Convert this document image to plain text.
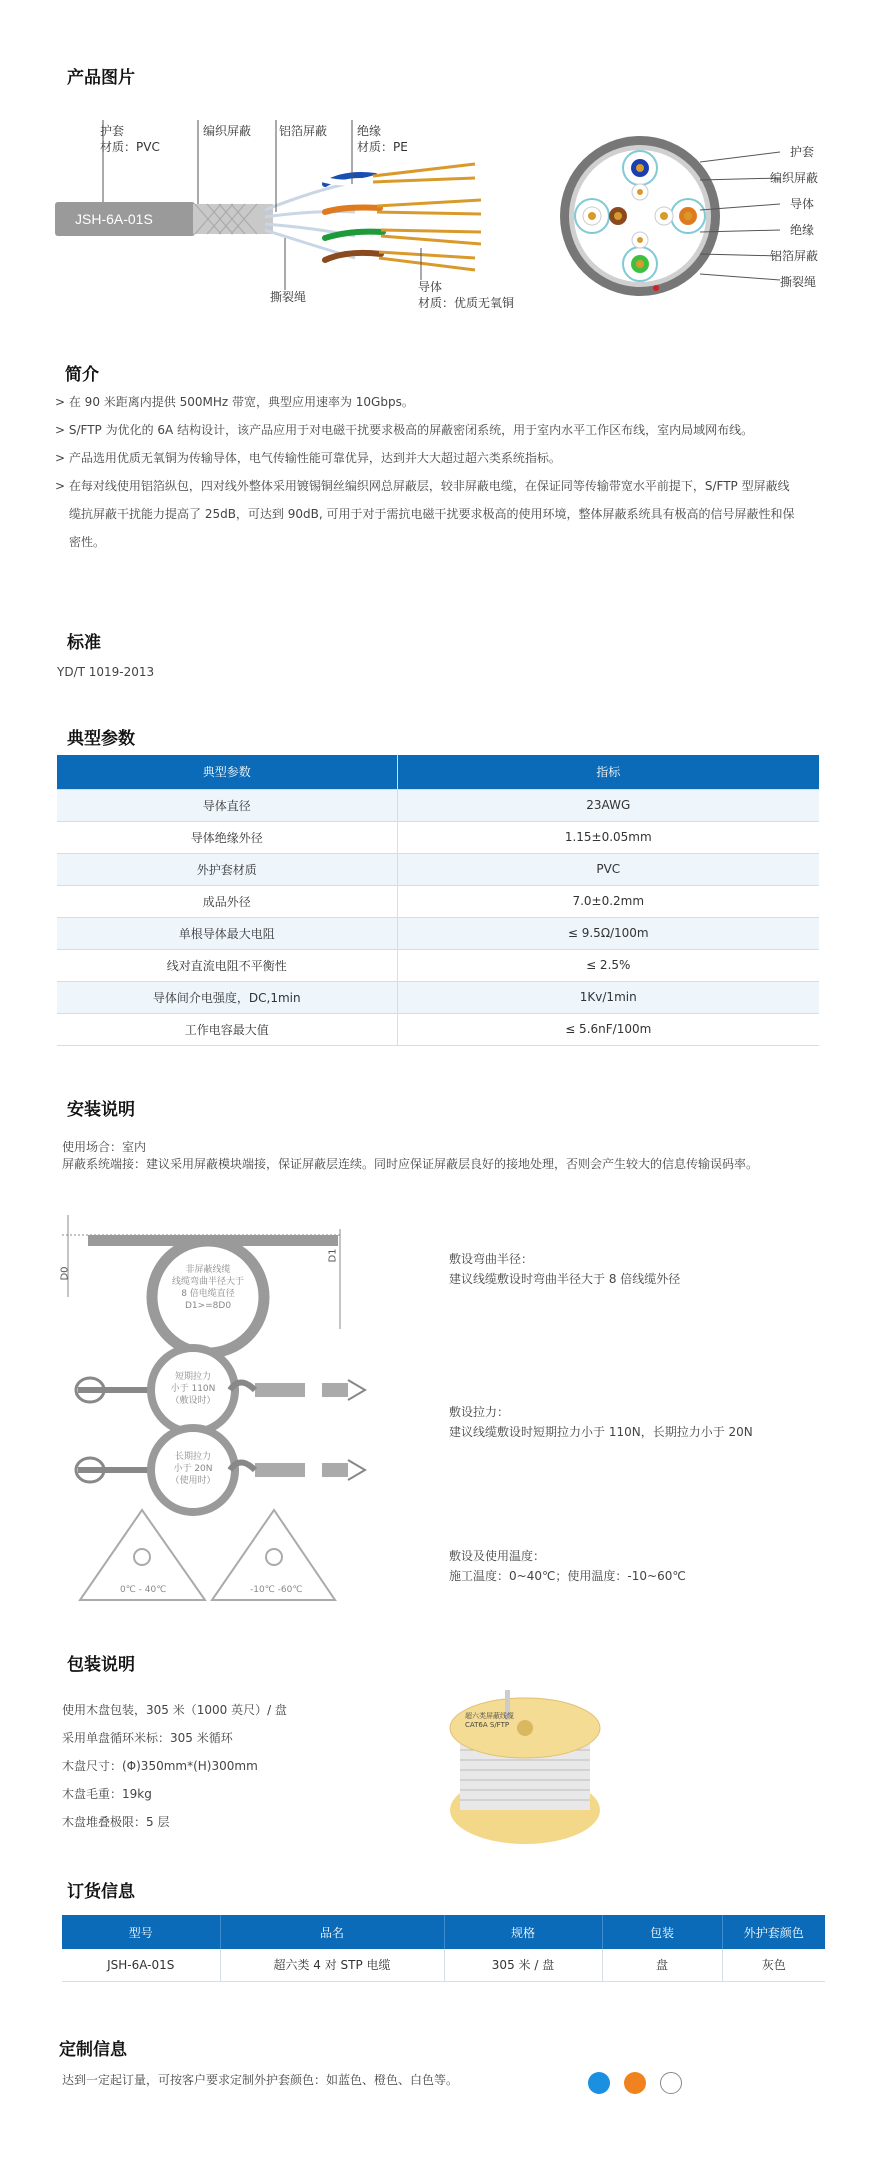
产品图片
JSH-6A-01S
护套
材质：PVC
编织屏蔽 铝箔屏蔽 绝缘
材质：PE
撕裂绳
导体
材质：优质无氧铜
护套
编织屏蔽
导体
绝缘
铝箔屏蔽
撕裂绳
简介
> 在 90 米距离内提供 500MHz 带宽，典型应用速率为 10Gbps。
> S/FTP 为优化的 6A 结构设计，该产品应用于对电磁干扰要求极高的屏蔽密闭系统，用于室内水平工作区布线，室内局域网布线。
> 产品选用优质无氧铜为传输导体，电气传输性能可靠优异，达到并大大超过超六类系统指标。
> 在每对线使用铝箔纵包，四对线外整体采用镀锡铜丝编织网总屏蔽层，较非屏蔽电缆，在保证同等传输带宽水平前提下，S/FTP 型屏蔽线
缆抗屏蔽干扰能力提高了 25dB，可达到 90dB, 可用于对于需抗电磁干扰要求极高的使用环境，整体屏蔽系统具有极高的信号屏蔽性和保
密性。
标准
YD/T 1019-2013
典型参数
典型参数	指标
导体直径	23AWG
导体绝缘外径	1.15±0.05mm
外护套材质	PVC
成品外径	7.0±0.2mm
单根导体最大电阻	≤ 9.5Ω/100m
线对直流电阻不平衡性	≤ 2.5%
导体间介电强度，DC,1min	1Kv/1min
工作电容最大值	≤ 5.6nF/100m
安装说明
使用场合：室内
屏蔽系统端接：建议采用屏蔽模块端接，保证屏蔽层连续。同时应保证屏蔽层良好的接地处理，否则会产生较大的信息传输误码率。
D0
D1
非屏蔽线缆
线缆弯曲半径大于
8 倍电缆直径
D1>=8D0
短期拉力
小于 110N
（敷设时）
长期拉力
小于 20N
（使用时）
0℃ - 40℃	-10℃ -60℃
敷设弯曲半径：
建议线缆敷设时弯曲半径大于 8 倍线缆外径
敷设拉力：
建议线缆敷设时短期拉力小于 110N，长期拉力小于 20N
敷设及使用温度：
施工温度：0~40℃；使用温度：-10~60℃
包装说明
使用木盘包装，305 米（1000 英尺）/ 盘
采用单盘循环米标：305 米循环
木盘尺寸：(Φ)350mm*(H)300mm
木盘毛重：19kg
木盘堆叠极限：5 层
超六类屏蔽线缆
CAT6A S/FTP
订货信息
型号	品名	规格	包装	外护套颜色
JSH-6A-01S	超六类 4 对 STP 电缆	305 米 / 盘	盘	灰色
定制信息
达到一定起订量，可按客户要求定制外护套颜色：如蓝色、橙色、白色等。
